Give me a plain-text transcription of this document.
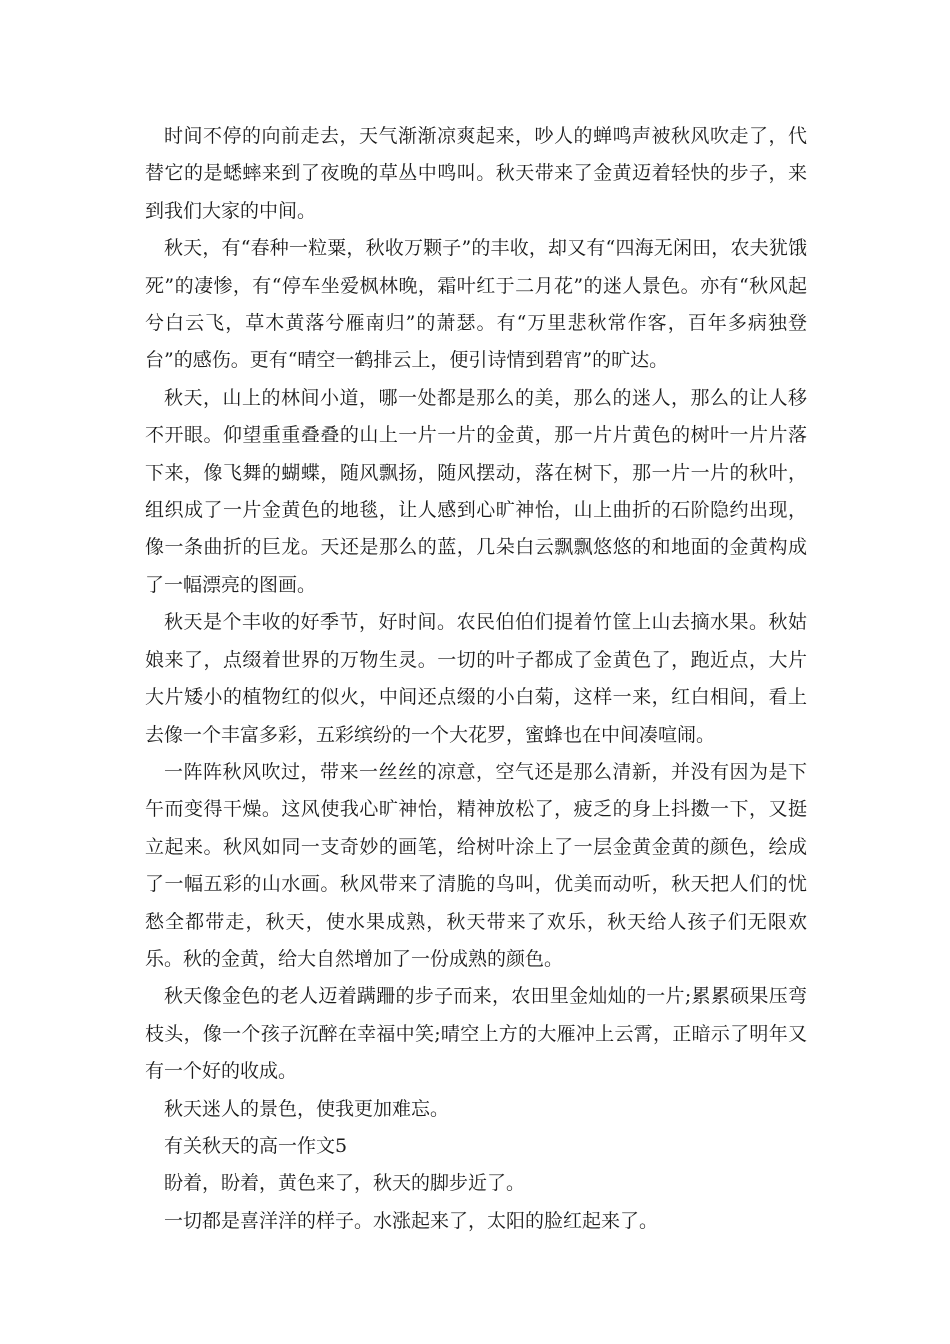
时间不停的向前走去，天气渐渐凉爽起来，吵人的蝉鸣声被秋风吹走了，代替它的是蟋蟀来到了夜晚的草丛中鸣叫。秋天带来了金黄迈着轻快的步子，来到我们大家的中间。

秋天，有“春种一粒粟，秋收万颗子”的丰收，却又有“四海无闲田，农夫犹饿死”的凄惨，有“停车坐爱枫林晚，霜叶红于二月花”的迷人景色。亦有“秋风起兮白云飞，草木黄落兮雁南归”的萧瑟。有“万里悲秋常作客，百年多病独登台”的感伤。更有“晴空一鹤排云上，便引诗情到碧宵”的旷达。

秋天，山上的林间小道，哪一处都是那么的美，那么的迷人，那么的让人移不开眼。仰望重重叠叠的山上一片一片的金黄，那一片片黄色的树叶一片片落下来，像飞舞的蝴蝶，随风飘扬，随风摆动，落在树下，那一片一片的秋叶，组织成了一片金黄色的地毯，让人感到心旷神怡，山上曲折的石阶隐约出现，像一条曲折的巨龙。天还是那么的蓝，几朵白云飘飘悠悠的和地面的金黄构成了一幅漂亮的图画。

秋天是个丰收的好季节，好时间。农民伯伯们提着竹筐上山去摘水果。秋姑娘来了，点缀着世界的万物生灵。一切的叶子都成了金黄色了，跑近点，大片大片矮小的植物红的似火，中间还点缀的小白菊，这样一来，红白相间，看上去像一个丰富多彩，五彩缤纷的一个大花罗，蜜蜂也在中间凑喧闹。

一阵阵秋风吹过，带来一丝丝的凉意，空气还是那么清新，并没有因为是下午而变得干燥。这风使我心旷神怡，精神放松了，疲乏的身上抖擞一下，又挺立起来。秋风如同一支奇妙的画笔，给树叶涂上了一层金黄金黄的颜色，绘成了一幅五彩的山水画。秋风带来了清脆的鸟叫，优美而动听，秋天把人们的忧愁全都带走，秋天，使水果成熟，秋天带来了欢乐，秋天给人孩子们无限欢乐。秋的金黄，给大自然增加了一份成熟的颜色。

秋天像金色的老人迈着蹒跚的步子而来，农田里金灿灿的一片;累累硕果压弯枝头，像一个孩子沉醉在幸福中笑;晴空上方的大雁冲上云霄，正暗示了明年又有一个好的收成。

秋天迷人的景色，使我更加难忘。

有关秋天的高一作文5

盼着，盼着，黄色来了，秋天的脚步近了。

一切都是喜洋洋的样子。水涨起来了，太阳的脸红起来了。
